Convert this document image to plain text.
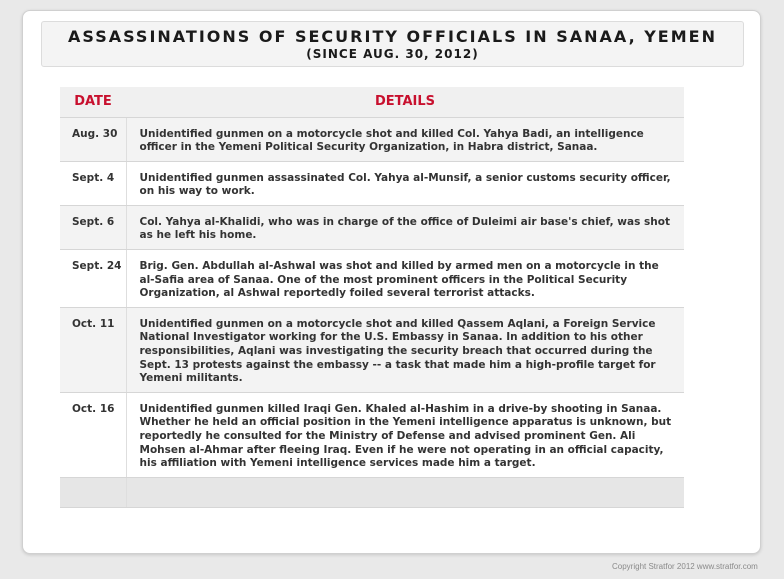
ASSASSINATIONS OF SECURITY OFFICIALS IN SANAA, YEMEN
(SINCE AUG. 30, 2012)
DATE	DETAILS
Aug. 30	Unidentified gunmen on a motorcycle shot and killed Col. Yahya Badi, an intelligence officer in the Yemeni Political Security Organization, in Habra district, Sanaa.
Sept. 4	Unidentified gunmen assassinated Col. Yahya al-Munsif, a senior customs security officer, on his way to work.
Sept. 6	Col. Yahya al-Khalidi, who was in charge of the office of Duleimi air base's chief, was shot as he left his home.
Sept. 24	Brig. Gen. Abdullah al-Ashwal was shot and killed by armed men on a motorcycle in the al-Safia area of Sanaa. One of the most prominent officers in the Political Security Organization, al Ashwal reportedly foiled several terrorist attacks.
Oct. 11	Unidentified gunmen on a motorcycle shot and killed Qassem Aqlani, a Foreign Service National Investigator working for the U.S. Embassy in Sanaa. In addition to his other responsibilities, Aqlani was investigating the security breach that occurred during the Sept. 13 protests against the embassy -- a task that made him a high-profile target for Yemeni militants.
Oct. 16	Unidentified gunmen killed Iraqi Gen. Khaled al-Hashim in a drive-by shooting in Sanaa. Whether he held an official position in the Yemeni intelligence apparatus is unknown, but reportedly he consulted for the Ministry of Defense and advised prominent Gen. Ali Mohsen al-Ahmar after fleeing Iraq. Even if he were not operating in an official capacity, his affiliation with Yemeni intelligence services made him a target.

Copyright Stratfor 2012 www.stratfor.com
